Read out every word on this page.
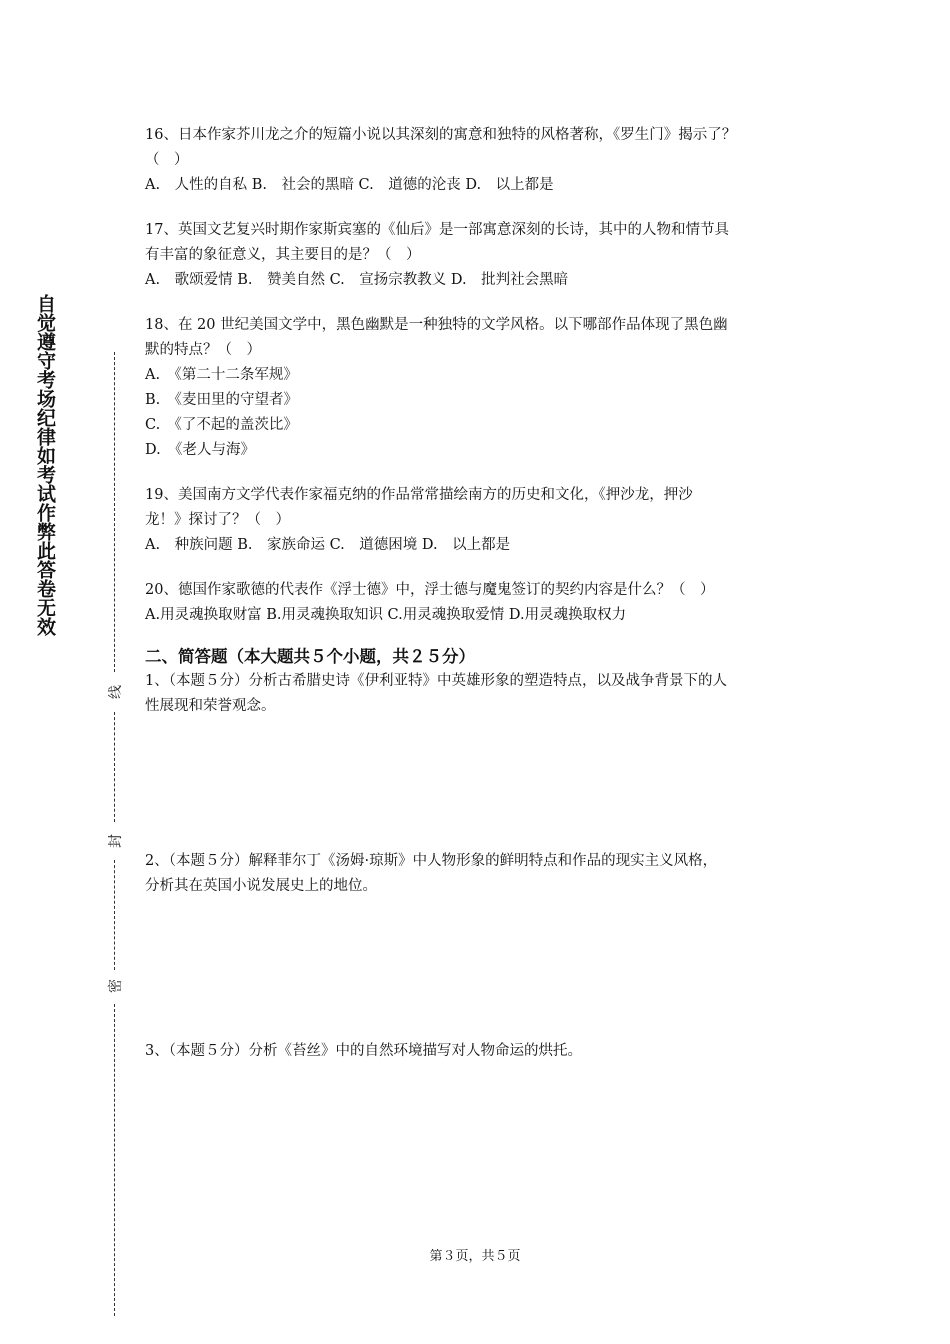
自觉遵守考场纪律如考试作弊此答卷无效
线
封
密

16、日本作家芥川龙之介的短篇小说以其深刻的寓意和独特的风格著称，《罗生门》揭示了？

（　）

A.　人性的自私 B.　社会的黑暗 C.　道德的沦丧 D.　以上都是

17、英国文艺复兴时期作家斯宾塞的《仙后》是一部寓意深刻的长诗，其中的人物和情节具

有丰富的象征意义，其主要目的是？（　）

A.　歌颂爱情 B.　赞美自然 C.　宣扬宗教教义 D.　批判社会黑暗

18、在 20 世纪美国文学中，黑色幽默是一种独特的文学风格。以下哪部作品体现了黑色幽

默的特点？（　）

A.　《第二十二条军规》

B.　《麦田里的守望者》

C.　《了不起的盖茨比》

D.　《老人与海》

19、美国南方文学代表作家福克纳的作品常常描绘南方的历史和文化，《押沙龙，押沙

龙！》探讨了？（　）

A.　种族问题 B.　家族命运 C.　道德困境 D.　以上都是

20、德国作家歌德的代表作《浮士德》中，浮士德与魔鬼签订的契约内容是什么？（　）

A.用灵魂换取财富 B.用灵魂换取知识 C.用灵魂换取爱情 D.用灵魂换取权力

二、简答题（本大题共５个小题，共２５分）

1、（本题５分）分析古希腊史诗《伊利亚特》中英雄形象的塑造特点，以及战争背景下的人

性展现和荣誉观念。

2、（本题５分）解释菲尔丁《汤姆·琼斯》中人物形象的鲜明特点和作品的现实主义风格，

分析其在英国小说发展史上的地位。

3、（本题５分）分析《苔丝》中的自然环境描写对人物命运的烘托。

第３页，共５页
